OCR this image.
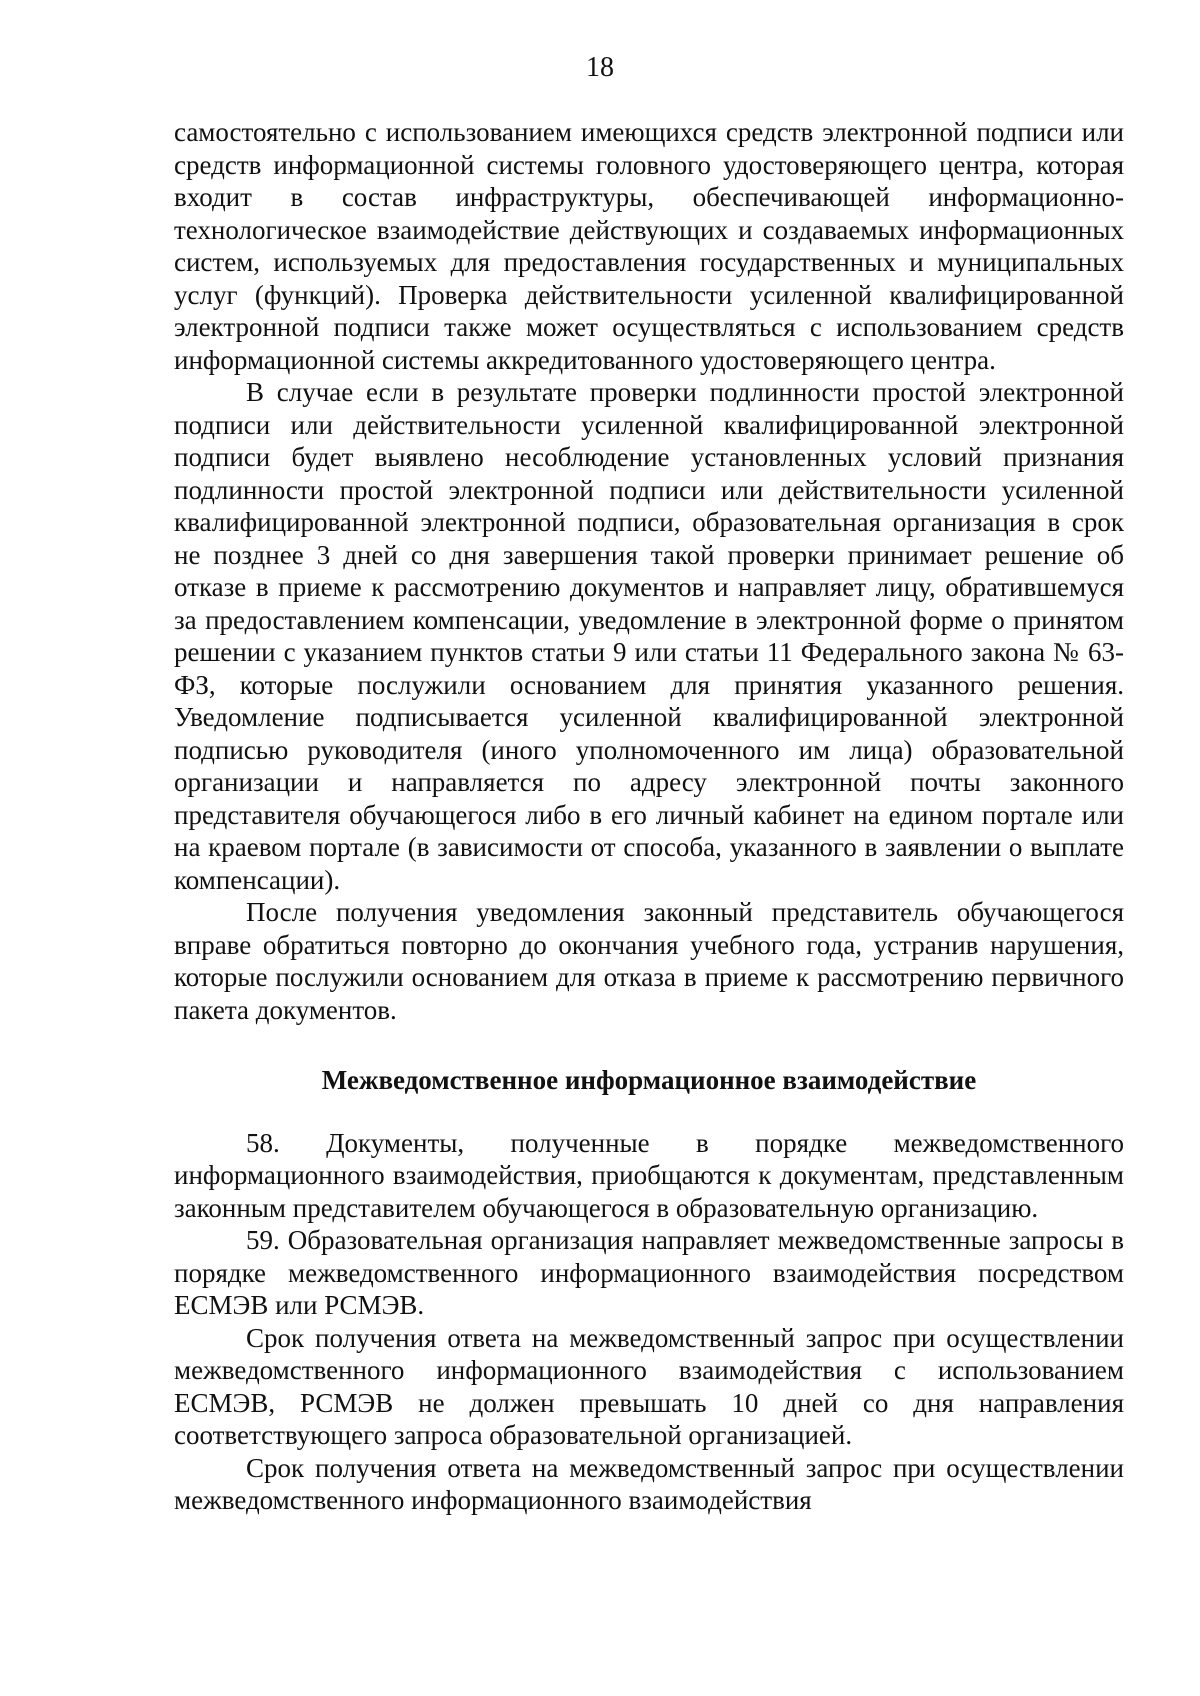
18

самостоятельно с использованием имеющихся средств электронной подписи или средств информационной системы головного удостоверяющего центра, которая входит в состав инфраструктуры, обеспечивающей информационно-технологическое взаимодействие действующих и создаваемых информационных систем, используемых для предоставления государственных и муниципальных услуг (функций). Проверка действительности усиленной квалифицированной электронной подписи также может осуществляться с использованием средств информационной системы аккредитованного удостоверяющего центра.

В случае если в результате проверки подлинности простой электронной подписи или действительности усиленной квалифицированной электронной подписи будет выявлено несоблюдение установленных условий признания подлинности простой электронной подписи или действительности усиленной квалифицированной электронной подписи, образовательная организация в срок не позднее 3 дней со дня завершения такой проверки принимает решение об отказе в приеме к рассмотрению документов и направляет лицу, обратившемуся за предоставлением компенсации, уведомление в электронной форме о принятом решении с указанием пунктов статьи 9 или статьи 11 Федерального закона № 63-ФЗ, которые послужили основанием для принятия указанного решения. Уведомление подписывается усиленной квалифицированной электронной подписью руководителя (иного уполномоченного им лица) образовательной организации и направляется по адресу электронной почты законного представителя обучающегося либо в его личный кабинет на едином портале или на краевом портале (в зависимости от способа, указанного в заявлении о выплате компенсации).

После получения уведомления законный представитель обучающегося вправе обратиться повторно до окончания учебного года, устранив нарушения, которые послужили основанием для отказа в приеме к рассмотрению первичного пакета документов.

Межведомственное информационное взаимодействие

58. Документы, полученные в порядке межведомственного информационного взаимодействия, приобщаются к документам, представленным законным представителем обучающегося в образовательную организацию.

59. Образовательная организация направляет межведомственные запросы в порядке межведомственного информационного взаимодействия посредством ЕСМЭВ или РСМЭВ.

Срок получения ответа на межведомственный запрос при осуществлении межведомственного информационного взаимодействия с использованием ЕСМЭВ, РСМЭВ не должен превышать 10 дней со дня направления соответствующего запроса образовательной организацией.

Срок получения ответа на межведомственный запрос при осуществлении межведомственного информационного взаимодействия
